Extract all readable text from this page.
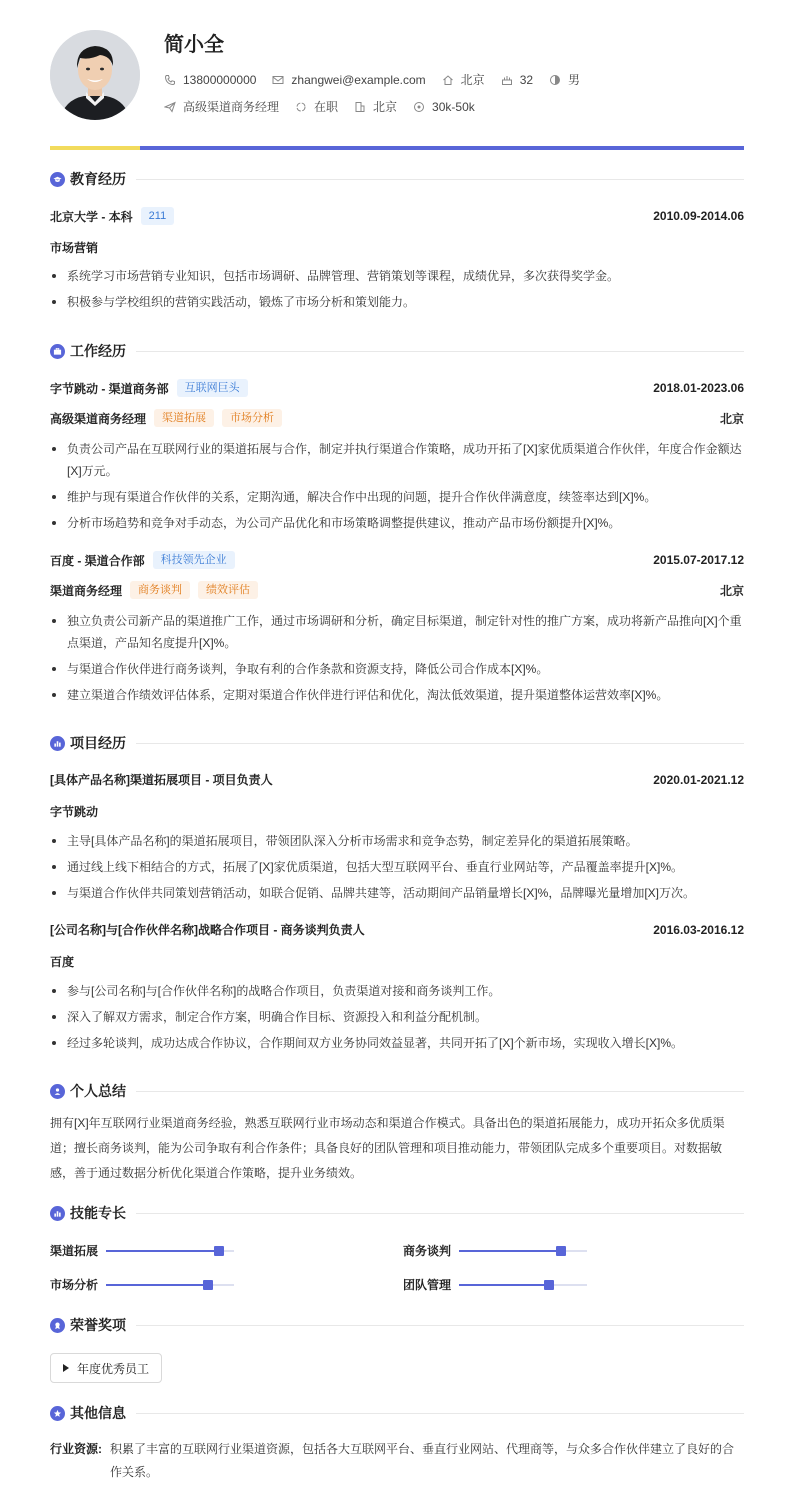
简小全
13800000000	zhangwei@example.com	北京	32	男
高级渠道商务经理	在职	北京	30k-50k
教育经历
北京大学 - 本科	211	2010.09-2014.06
市场营销
系统学习市场营销专业知识，包括市场调研、品牌管理、营销策划等课程，成绩优异，多次获得奖学金。
积极参与学校组织的营销实践活动，锻炼了市场分析和策划能力。
工作经历
字节跳动 - 渠道商务部	互联网巨头	2018.01-2023.06
高级渠道商务经理	渠道拓展	市场分析	北京
负责公司产品在互联网行业的渠道拓展与合作，制定并执行渠道合作策略，成功开拓了[X]家优质渠道合作伙伴，年度合作金额达[X]万元。
维护与现有渠道合作伙伴的关系，定期沟通，解决合作中出现的问题，提升合作伙伴满意度，续签率达到[X]%。
分析市场趋势和竞争对手动态，为公司产品优化和市场策略调整提供建议，推动产品市场份额提升[X]%。
百度 - 渠道合作部	科技领先企业	2015.07-2017.12
渠道商务经理	商务谈判	绩效评估	北京
独立负责公司新产品的渠道推广工作，通过市场调研和分析，确定目标渠道，制定针对性的推广方案，成功将新产品推向[X]个重点渠道，产品知名度提升[X]%。
与渠道合作伙伴进行商务谈判，争取有利的合作条款和资源支持，降低公司合作成本[X]%。
建立渠道合作绩效评估体系，定期对渠道合作伙伴进行评估和优化，淘汰低效渠道，提升渠道整体运营效率[X]%。
项目经历
[具体产品名称]渠道拓展项目 - 项目负责人	2020.01-2021.12
字节跳动
主导[具体产品名称]的渠道拓展项目，带领团队深入分析市场需求和竞争态势，制定差异化的渠道拓展策略。
通过线上线下相结合的方式，拓展了[X]家优质渠道，包括大型互联网平台、垂直行业网站等，产品覆盖率提升[X]%。
与渠道合作伙伴共同策划营销活动，如联合促销、品牌共建等，活动期间产品销量增长[X]%，品牌曝光量增加[X]万次。
[公司名称]与[合作伙伴名称]战略合作项目 - 商务谈判负责人	2016.03-2016.12
百度
参与[公司名称]与[合作伙伴名称]的战略合作项目，负责渠道对接和商务谈判工作。
深入了解双方需求，制定合作方案，明确合作目标、资源投入和利益分配机制。
经过多轮谈判，成功达成合作协议，合作期间双方业务协同效益显著，共同开拓了[X]个新市场，实现收入增长[X]%。
个人总结
拥有[X]年互联网行业渠道商务经验，熟悉互联网行业市场动态和渠道合作模式。具备出色的渠道拓展能力，成功开拓众多优质渠道；擅长商务谈判，能为公司争取有利合作条件；具备良好的团队管理和项目推动能力，带领团队完成多个重要项目。对数据敏感，善于通过数据分析优化渠道合作策略，提升业务绩效。
技能专长
渠道拓展	商务谈判
市场分析	团队管理
荣誉奖项
年度优秀员工
其他信息
行业资源: 积累了丰富的互联网行业渠道资源，包括各大互联网平台、垂直行业网站、代理商等，与众多合作伙伴建立了良好的合作关系。
